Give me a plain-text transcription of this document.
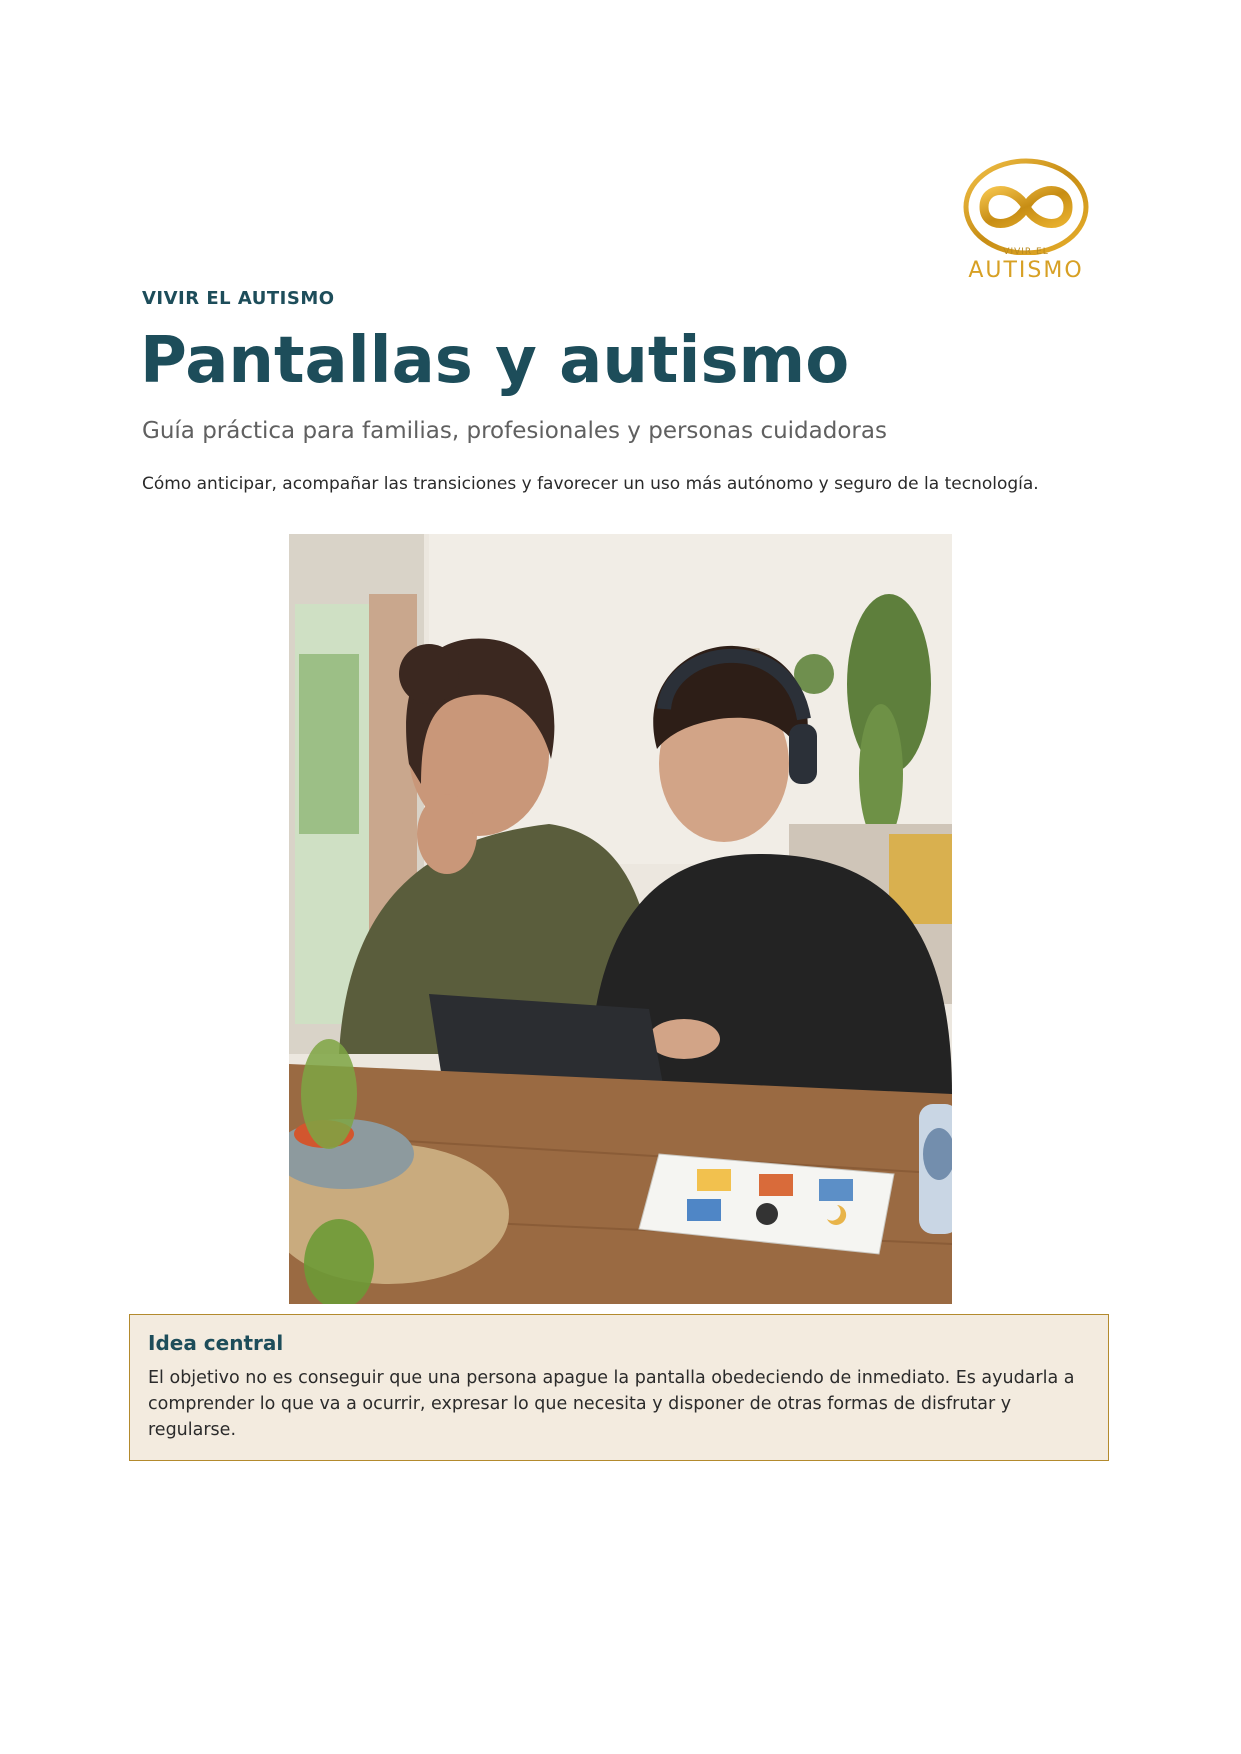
VIVIR EL
AUTISMO
VIVIR EL AUTISMO
Pantallas y autismo
Guía práctica para familias, profesionales y personas cuidadoras
Cómo anticipar, acompañar las transiciones y favorecer un uso más autónomo y seguro de la tecnología.
Idea central
El objetivo no es conseguir que una persona apague la pantalla obedeciendo de inmediato. Es ayudarla a comprender lo que va a ocurrir, expresar lo que necesita y disponer de otras formas de disfrutar y regularse.
